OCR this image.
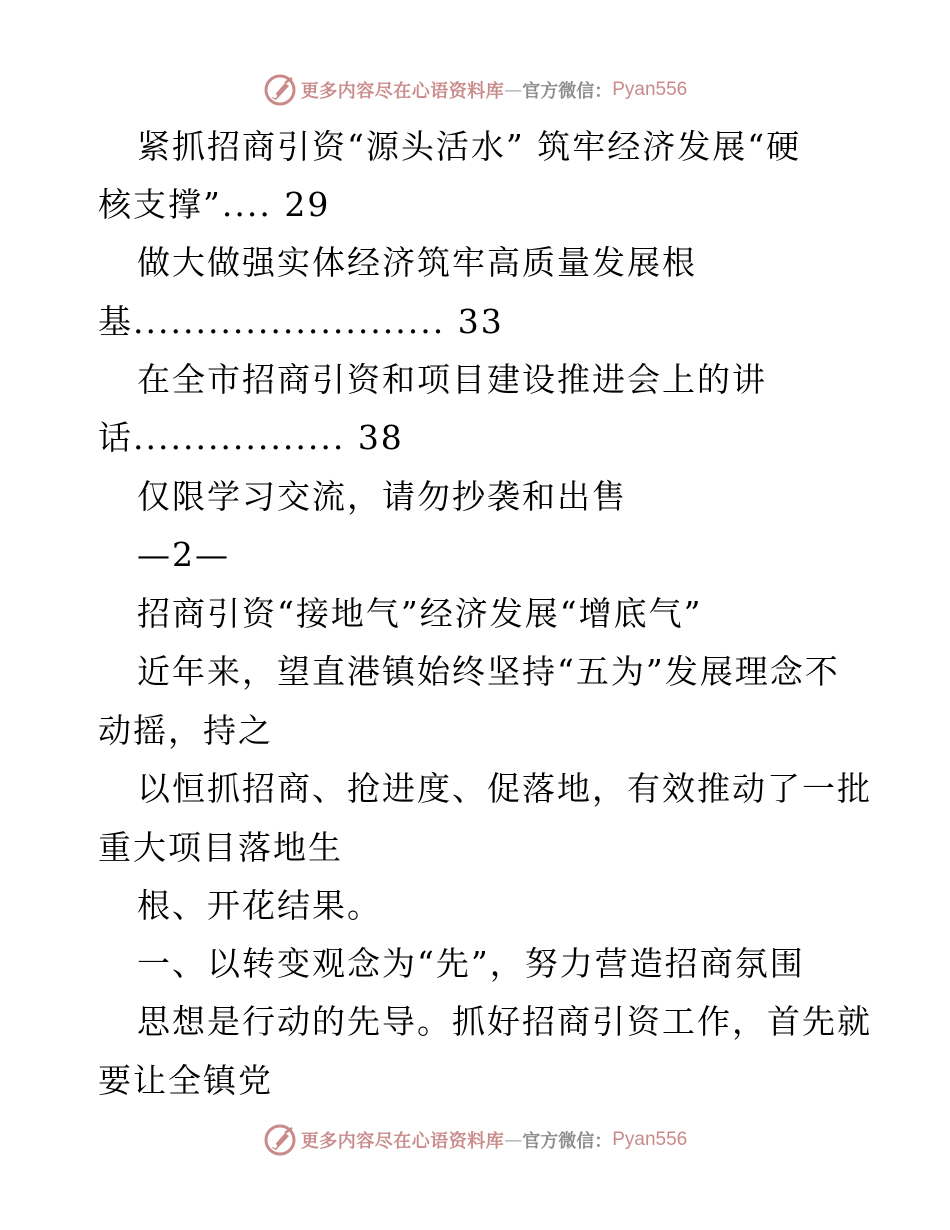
更多内容尽在心语资料库 — 官方微信： Pyan556
紧抓招商引资“源头活水” 筑牢经济发展“硬
核支撑”.... 29
做大做强实体经济筑牢高质量发展根
基......................... 33
在全市招商引资和项目建设推进会上的讲
话................. 38
仅限学习交流，请勿抄袭和出售
—2—
招商引资“接地气”经济发展“增底气”
近年来，望直港镇始终坚持“五为”发展理念不
动摇，持之
以恒抓招商、抢进度、促落地，有效推动了一批
重大项目落地生
根、开花结果。
一、以转变观念为“先”，努力营造招商氛围
思想是行动的先导。抓好招商引资工作，首先就
要让全镇党
更多内容尽在心语资料库 — 官方微信： Pyan556
